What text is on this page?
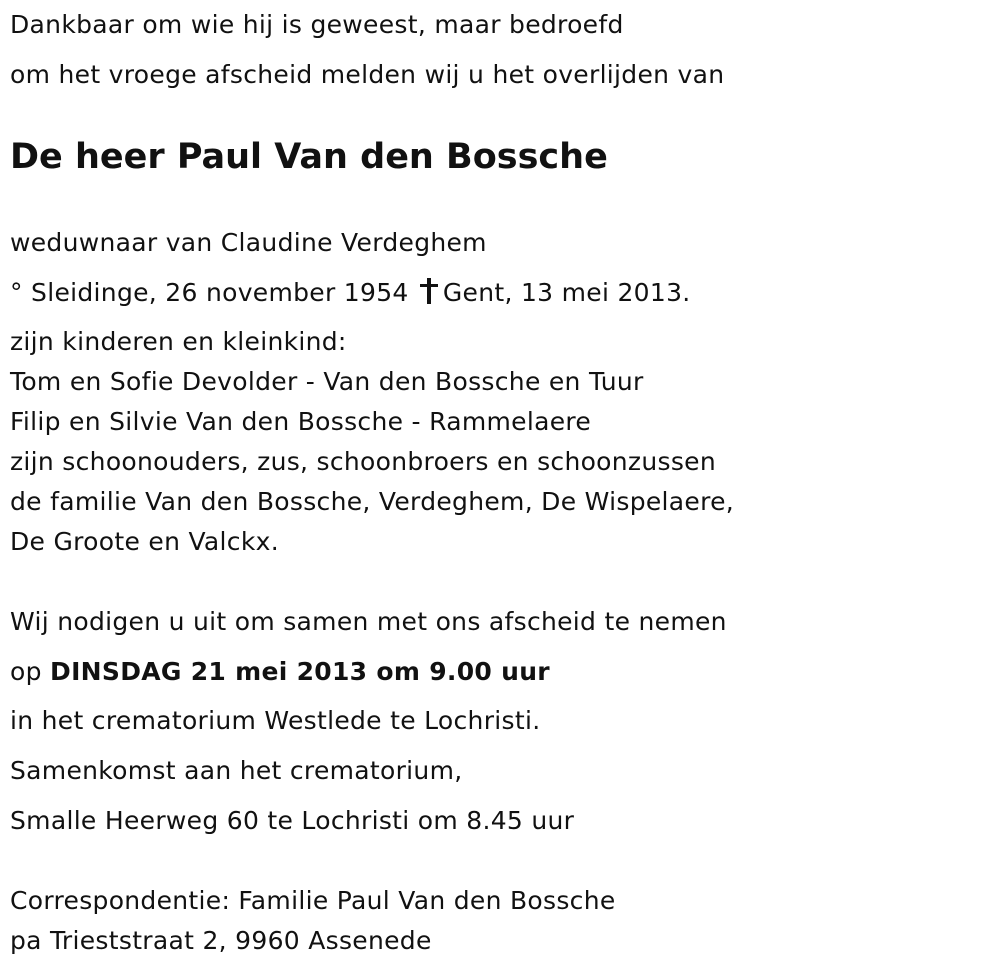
Dankbaar om wie hij is geweest, maar bedroefd
om het vroege afscheid melden wij u het overlijden van
De heer Paul Van den Bossche
weduwnaar van Claudine Verdeghem
° Sleidinge, 26 november 1954 Gent, 13 mei 2013.
zijn kinderen en kleinkind:
Tom en Sofie Devolder - Van den Bossche en Tuur
Filip en Silvie Van den Bossche - Rammelaere
zijn schoonouders, zus, schoonbroers en schoonzussen
de familie Van den Bossche, Verdeghem, De Wispelaere,
De Groote en Valckx.
Wij nodigen u uit om samen met ons afscheid te nemen
op DINSDAG 21 mei 2013 om 9.00 uur
in het crematorium Westlede te Lochristi.
Samenkomst aan het crematorium,
Smalle Heerweg 60 te Lochristi om 8.45 uur
Correspondentie: Familie Paul Van den Bossche
pa Trieststraat 2, 9960 Assenede
